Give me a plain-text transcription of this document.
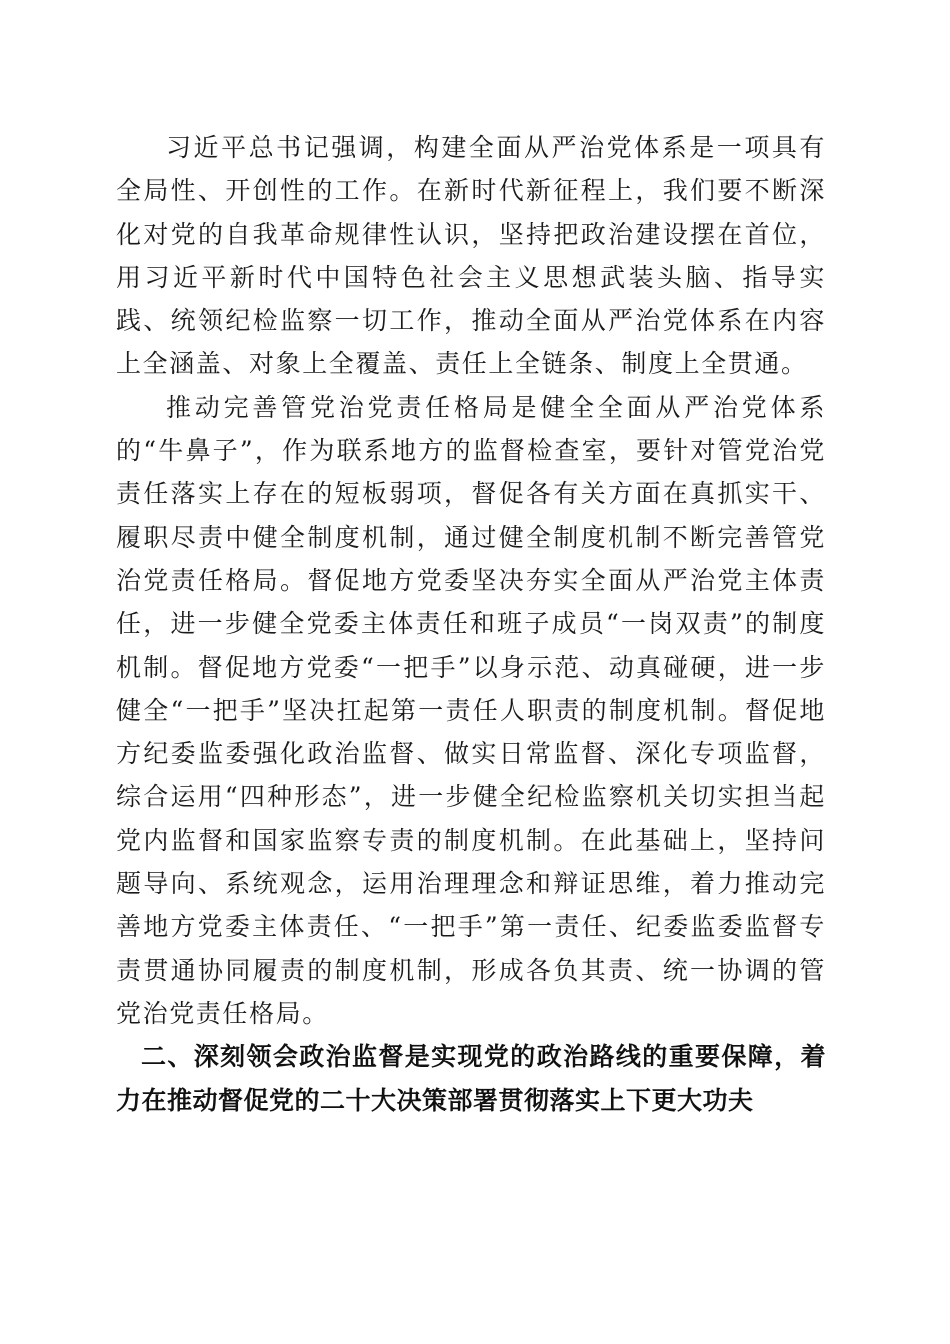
习近平总书记强调，构建全面从严治党体系是一项具有全局性、开创性的工作。在新时代新征程上，我们要不断深化对党的自我革命规律性认识，坚持把政治建设摆在首位，用习近平新时代中国特色社会主义思想武装头脑、指导实践、统领纪检监察一切工作，推动全面从严治党体系在内容上全涵盖、对象上全覆盖、责任上全链条、制度上全贯通。

推动完善管党治党责任格局是健全全面从严治党体系的“牛鼻子”，作为联系地方的监督检查室，要针对管党治党责任落实上存在的短板弱项，督促各有关方面在真抓实干、履职尽责中健全制度机制，通过健全制度机制不断完善管党治党责任格局。督促地方党委坚决夯实全面从严治党主体责任，进一步健全党委主体责任和班子成员“一岗双责”的制度机制。督促地方党委“一把手”以身示范、动真碰硬，进一步健全“一把手”坚决扛起第一责任人职责的制度机制。督促地方纪委监委强化政治监督、做实日常监督、深化专项监督，综合运用“四种形态”，进一步健全纪检监察机关切实担当起党内监督和国家监察专责的制度机制。在此基础上，坚持问题导向、系统观念，运用治理理念和辩证思维，着力推动完善地方党委主体责任、“一把手”第一责任、纪委监委监督专责贯通协同履责的制度机制，形成各负其责、统一协调的管党治党责任格局。

二、深刻领会政治监督是实现党的政治路线的重要保障，着力在推动督促党的二十大决策部署贯彻落实上下更大功夫
